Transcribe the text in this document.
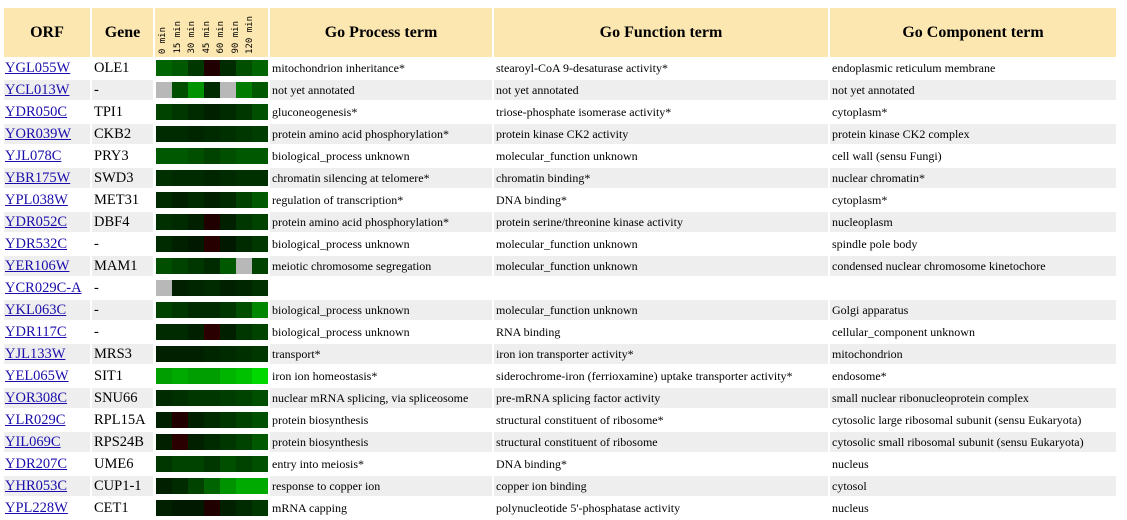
ORF	Gene	Go Process term	Go Function term	Go Component term
0 min 15 min 30 min 45 min 60 min 90 min 120 min
YGL055W	OLE1	mitochondrion inheritance*	stearoyl-CoA 9-desaturase activity*	endoplasmic reticulum membrane
YCL013W	-	not yet annotated	not yet annotated	not yet annotated
YDR050C	TPI1	gluconeogenesis*	triose-phosphate isomerase activity*	cytoplasm*
YOR039W	CKB2	protein amino acid phosphorylation*	protein kinase CK2 activity	protein kinase CK2 complex
YJL078C	PRY3	biological_process unknown	molecular_function unknown	cell wall (sensu Fungi)
YBR175W	SWD3	chromatin silencing at telomere*	chromatin binding*	nuclear chromatin*
YPL038W	MET31	regulation of transcription*	DNA binding*	cytoplasm*
YDR052C	DBF4	protein amino acid phosphorylation*	protein serine/threonine kinase activity	nucleoplasm
YDR532C	-	biological_process unknown	molecular_function unknown	spindle pole body
YER106W	MAM1	meiotic chromosome segregation	molecular_function unknown	condensed nuclear chromosome kinetochore
YCR029C-A -
YKL063C	-	biological_process unknown	molecular_function unknown	Golgi apparatus
YDR117C	-	biological_process unknown	RNA binding	cellular_component unknown
YJL133W	MRS3	transport*	iron ion transporter activity*	mitochondrion
YEL065W	SIT1	iron ion homeostasis*	siderochrome-iron (ferrioxamine) uptake transporter activity*	endosome*
YOR308C	SNU66	nuclear mRNA splicing, via spliceosome	pre-mRNA splicing factor activity	small nuclear ribonucleoprotein complex
YLR029C	RPL15A	protein biosynthesis	structural constituent of ribosome*	cytosolic large ribosomal subunit (sensu Eukaryota)
YIL069C	RPS24B	protein biosynthesis	structural constituent of ribosome	cytosolic small ribosomal subunit (sensu Eukaryota)
YDR207C	UME6	entry into meiosis*	DNA binding*	nucleus
YHR053C	CUP1-1	response to copper ion	copper ion binding	cytosol
YPL228W	CET1	mRNA capping	polynucleotide 5'-phosphatase activity	nucleus
